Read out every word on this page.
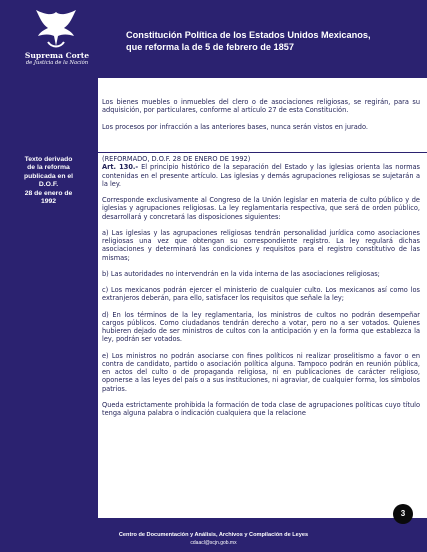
Suprema Corte
de Justicia de la Nación
Constitución Política de los Estados Unidos Mexicanos,
que reforma la de 5 de febrero de 1857
Texto derivado
de la reforma
publicada en el
D.O.F.
28 de enero de
1992

Los bienes muebles o inmuebles del clero o de asociaciones religiosas, se regirán, para su adquisición, por particulares, conforme al artículo 27 de esta Constitución.

Los procesos por infracción a las anteriores bases, nunca serán vistos en jurado.

(REFORMADO, D.O.F. 28 DE ENERO DE 1992)

Art. 130.- El principio histórico de la separación del Estado y las iglesias orienta las normas contenidas en el presente artículo. Las iglesias y demás agrupaciones religiosas se sujetarán a la ley.

Corresponde exclusivamente al Congreso de la Unión legislar en materia de culto público y de iglesias y agrupaciones religiosas. La ley reglamentaria respectiva, que será de orden público, desarrollará y concretará las disposiciones siguientes:

a) Las iglesias y las agrupaciones religiosas tendrán personalidad jurídica como asociaciones religiosas una vez que obtengan su correspondiente registro. La ley regulará dichas asociaciones y determinará las condiciones y requisitos para el registro constitutivo de las mismas;

b) Las autoridades no intervendrán en la vida interna de las asociaciones religiosas;

c) Los mexicanos podrán ejercer el ministerio de cualquier culto. Los mexicanos así como los extranjeros deberán, para ello, satisfacer los requisitos que señale la ley;

d) En los términos de la ley reglamentaria, los ministros de cultos no podrán desempeñar cargos públicos. Como ciudadanos tendrán derecho a votar, pero no a ser votados. Quienes hubieren dejado de ser ministros de cultos con la anticipación y en la forma que establezca la ley, podrán ser votados.

e) Los ministros no podrán asociarse con fines políticos ni realizar proselitismo a favor o en contra de candidato, partido o asociación política alguna. Tampoco podrán en reunión pública, en actos del culto o de propaganda religiosa, ni en publicaciones de carácter religioso, oponerse a las leyes del país o a sus instituciones, ni agraviar, de cualquier forma, los símbolos patrios.

Queda estrictamente prohibida la formación de toda clase de agrupaciones políticas cuyo título tenga alguna palabra o indicación cualquiera que la relacione

Centro de Documentación y Análisis, Archivos y Compilación de Leyes
cdaacl@scjn.gob.mx
3
